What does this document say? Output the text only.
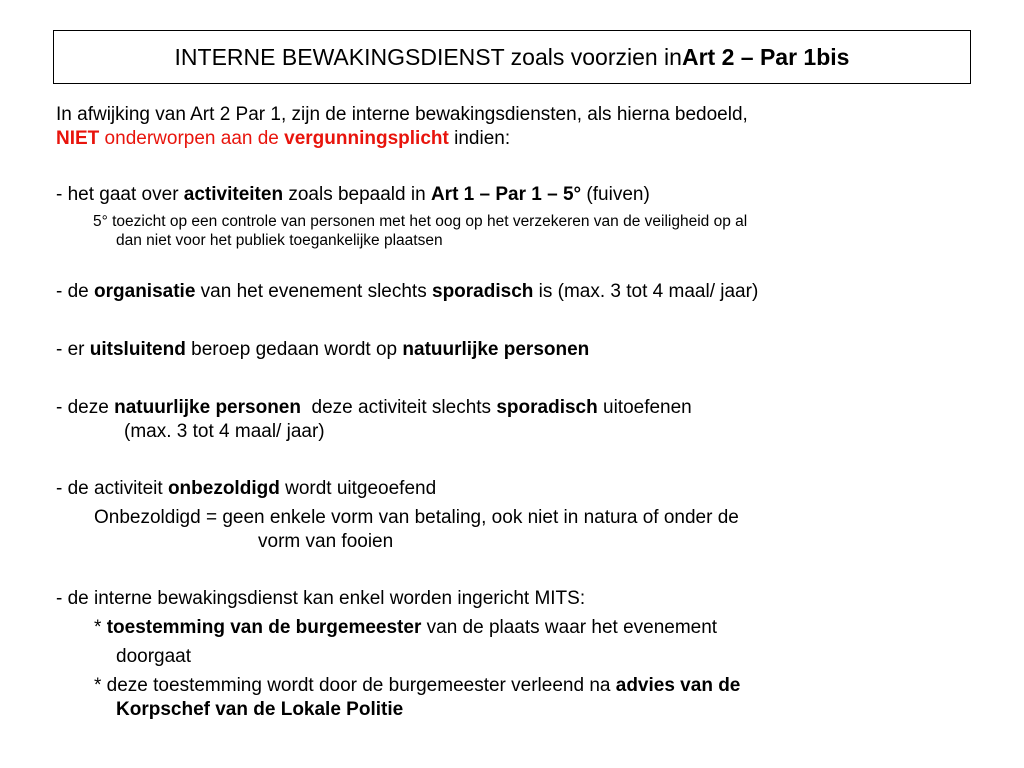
INTERNE BEWAKINGSDIENST zoals voorzien in Art 2 – Par 1bis
In afwijking van Art 2 Par 1, zijn de interne bewakingsdiensten, als hierna bedoeld,
NIET onderworpen aan de vergunningsplicht indien:
- het gaat over activiteiten zoals bepaald in Art 1 – Par 1 – 5° (fuiven)
5° toezicht op een controle van personen met het oog op het verzekeren van de veiligheid op al
dan niet voor het publiek toegankelijke plaatsen
- de organisatie van het evenement slechts sporadisch is (max. 3 tot 4 maal/ jaar)
- er uitsluitend beroep gedaan wordt op natuurlijke personen
- deze natuurlijke personen  deze activiteit slechts sporadisch uitoefenen
(max. 3 tot 4 maal/ jaar)
- de activiteit onbezoldigd wordt uitgeoefend
Onbezoldigd = geen enkele vorm van betaling, ook niet in natura of onder de
vorm van fooien
- de interne bewakingsdienst kan enkel worden ingericht MITS:
* toestemming van de burgemeester van de plaats waar het evenement
doorgaat
* deze toestemming wordt door de burgemeester verleend na advies van de
Korpschef van de Lokale Politie
